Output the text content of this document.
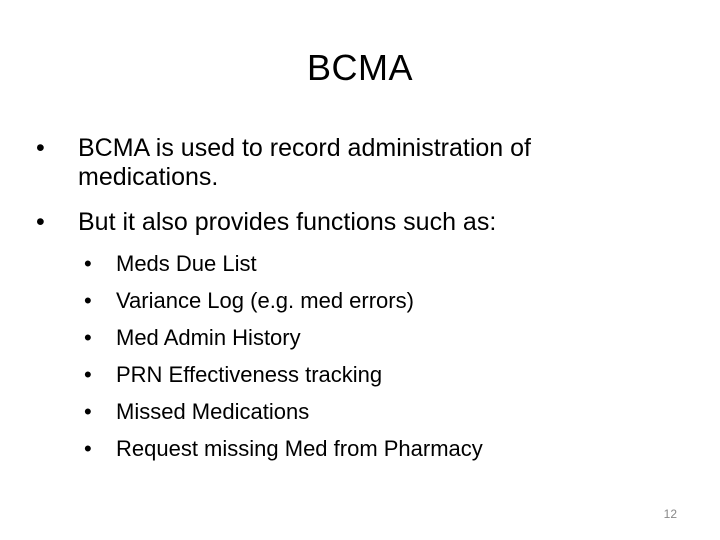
BCMA
• BCMA is used to record administration of medications.
• But it also provides functions such as:
• Meds Due List
• Variance Log (e.g. med errors)
• Med Admin History
• PRN Effectiveness tracking
• Missed Medications
• Request missing Med from Pharmacy
12
